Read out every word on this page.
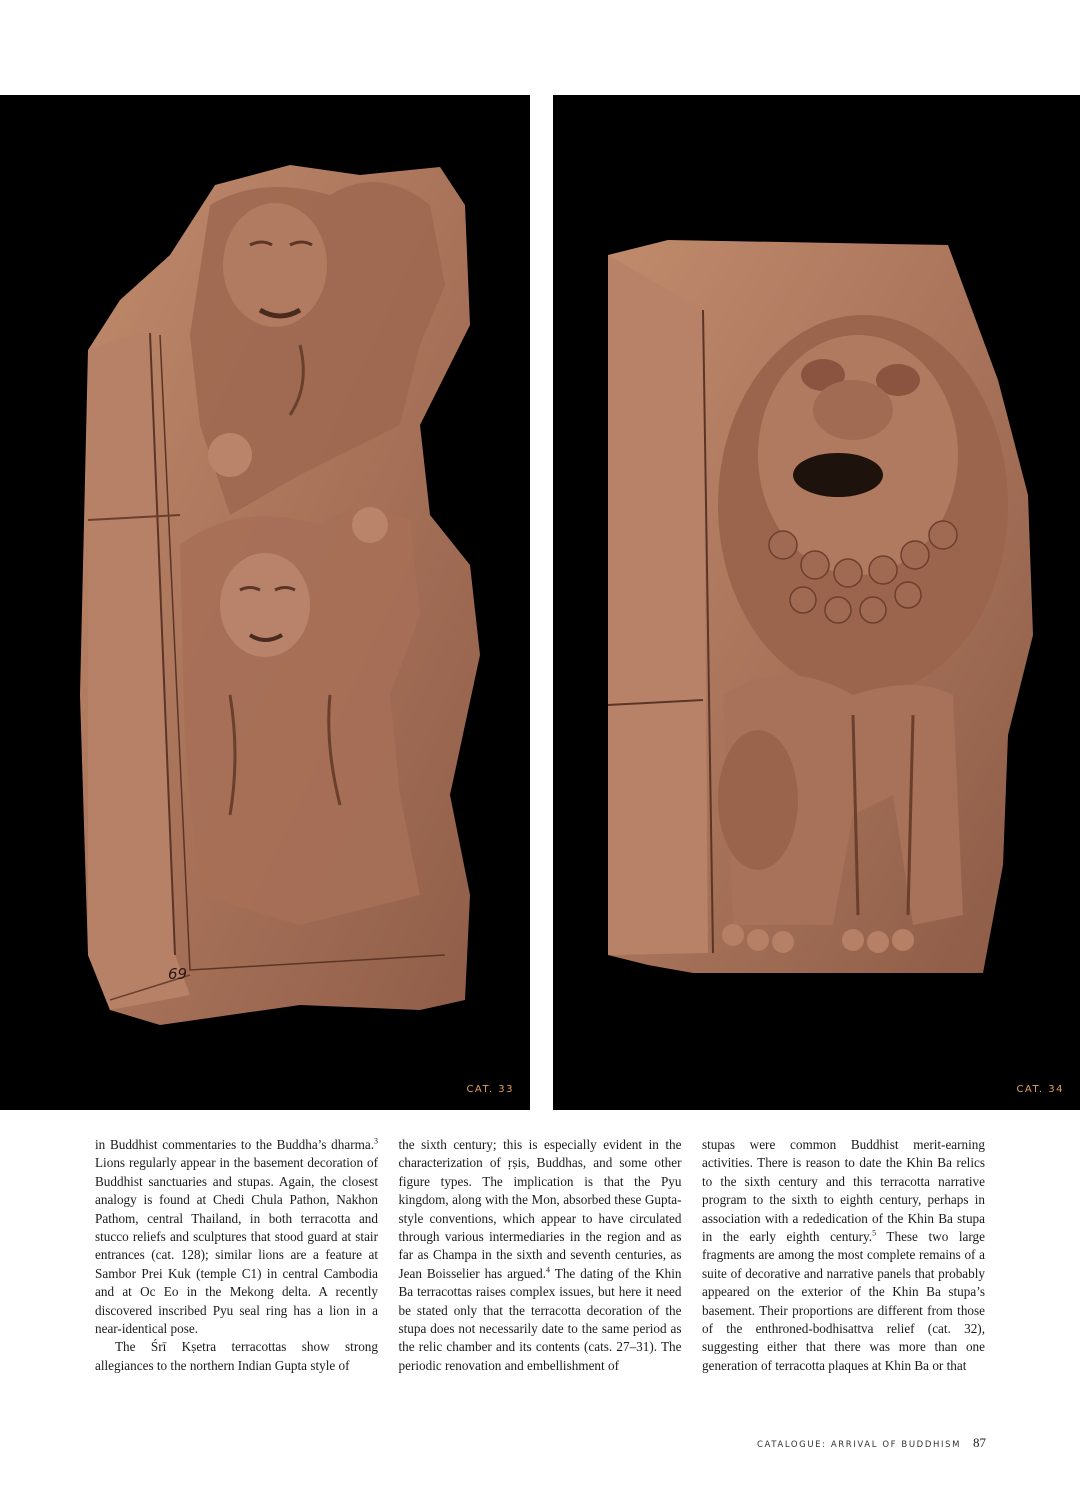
69
CAT. 33	CAT. 34

in Buddhist commentaries to the Buddha’s dharma.$^3$ Lions regularly appear in the basement decoration of Buddhist sanctuaries and stupas. Again, the closest analogy is found at Chedi Chula Pathon, Nakhon Pathom, central Thailand, in both terracotta and stucco reliefs and sculptures that stood guard at stair entrances (cat. 128); similar lions are a feature at Sambor Prei Kuk (temple C1) in central Cambodia and at Oc Eo in the Mekong delta. A recently discovered inscribed Pyu seal ring has a lion in a near-identical pose.

The Śrī Kṣetra terracottas show strong allegiances to the northern Indian Gupta style of

the sixth century; this is especially evident in the characterization of ṛṣis, Buddhas, and some other figure types. The implication is that the Pyu kingdom, along with the Mon, absorbed these Gupta-style conventions, which appear to have circulated through various intermediaries in the region and as far as Champa in the sixth and seventh centuries, as Jean Boisselier has argued.$^4$ The dating of the Khin Ba terracottas raises complex issues, but here it need be stated only that the terracotta decoration of the stupa does not necessarily date to the same period as the relic chamber and its contents (cats. 27–31). The periodic renovation and embellishment of

stupas were common Buddhist merit-earning activities. There is reason to date the Khin Ba relics to the sixth century and this terracotta narrative program to the sixth to eighth century, perhaps in association with a rededication of the Khin Ba stupa in the early eighth century.$^5$ These two large fragments are among the most complete remains of a suite of decorative and narrative panels that probably appeared on the exterior of the Khin Ba stupa’s basement. Their proportions are different from those of the enthroned-bodhisattva relief (cat. 32), suggesting either that there was more than one generation of terracotta plaques at Khin Ba or that

CATALOGUE: ARRIVAL OF BUDDHISM 87
